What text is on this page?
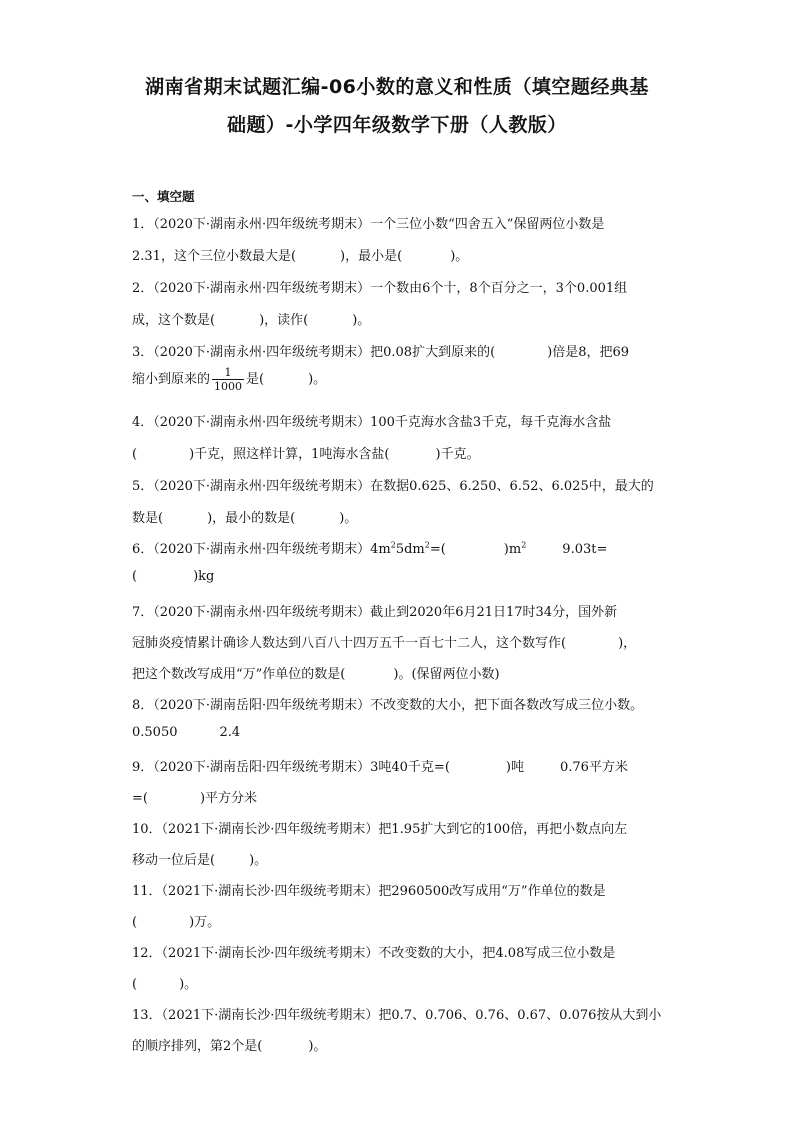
湖南省期末试题汇编-06小数的意义和性质（填空题经典基
础题）-小学四年级数学下册（人教版）
一、填空题
1．（2020下·湖南永州·四年级统考期末）一个三位小数“四舍五入”保留两位小数是
2.31，这个三位小数最大是(	)，最小是(	)。
2．（2020下·湖南永州·四年级统考期末）一个数由6个十，8个百分之一，3个0.001组
成，这个数是(	)，读作(	)。
3．（2020下·湖南永州·四年级统考期末）把0.08扩大到原来的(	)倍是8，把69
缩小到原来的 $\frac{1}{1000}$ 是(	)。
4．（2020下·湖南永州·四年级统考期末）100千克海水含盐3千克，每千克海水含盐
(	)千克，照这样计算，1吨海水含盐(	)千克。
5．（2020下·湖南永州·四年级统考期末）在数据0.625、6.250、6.52、6.025中，最大的
数是(	)，最小的数是(	)。
6．（2020下·湖南永州·四年级统考期末）$4m^25dm^2=$(	)$m^2$	9.03t=
(	)kg
7．（2020下·湖南永州·四年级统考期末）截止到2020年6月21日17时34分，国外新
冠肺炎疫情累计确诊人数达到八百八十四万五千一百七十二人，这个数写作(	)，
把这个数改写成用“万”作单位的数是(	)。(保留两位小数)
8．（2020下·湖南岳阳·四年级统考期末）不改变数的大小，把下面各数改写成三位小数。
0.5050	2.4
9．（2020下·湖南岳阳·四年级统考期末）3吨40千克=(	)吨	0.76平方米
=(	)平方分米
10．（2021下·湖南长沙·四年级统考期末）把1.95扩大到它的100倍，再把小数点向左
移动一位后是(	)。
11．（2021下·湖南长沙·四年级统考期末）把2960500改写成用“万”作单位的数是
(	)万。
12．（2021下·湖南长沙·四年级统考期末）不改变数的大小，把4.08写成三位小数是
(	)。
13．（2021下·湖南长沙·四年级统考期末）把0.7、0.706、0.76、0.67、0.076按从大到小
的顺序排列，第2个是(	)。
